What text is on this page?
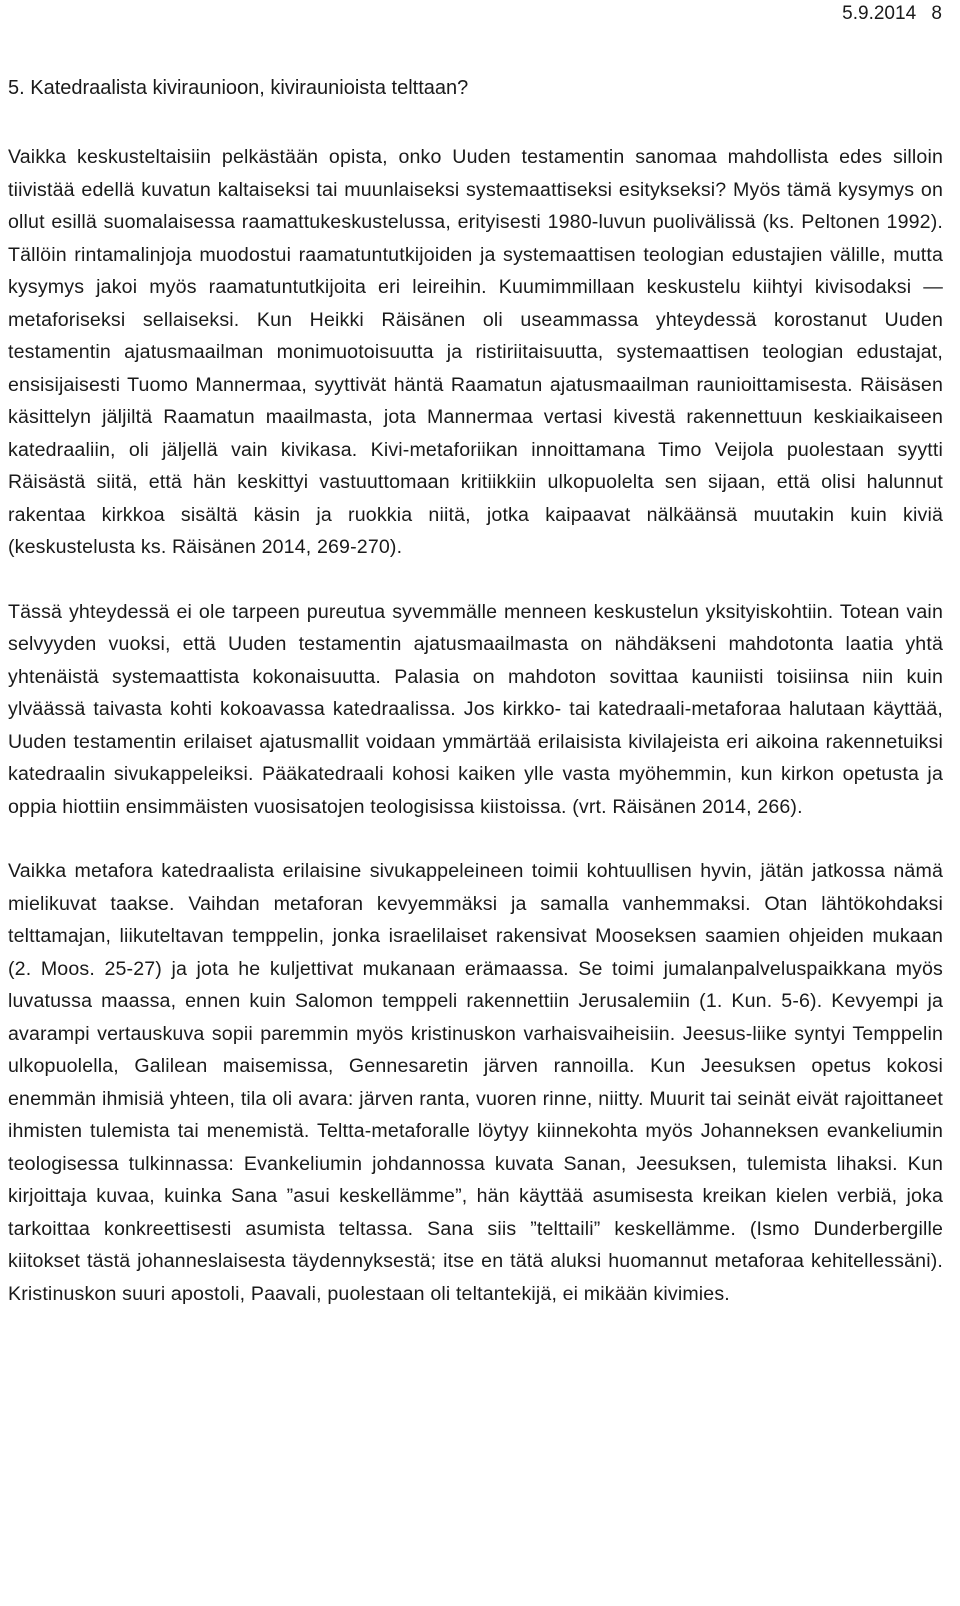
5.9.2014 8
5. Katedraalista kiviraunioon, kiviraunioista telttaan?

Vaikka keskusteltaisiin pelkästään opista, onko Uuden testamentin sanomaa mahdollista edes silloin tiivistää edellä kuvatun kaltaiseksi tai muunlaiseksi systemaattiseksi esitykseksi? Myös tämä kysymys on ollut esillä suomalaisessa raamattukeskustelussa, erityisesti 1980-luvun puolivälissä (ks. Peltonen 1992). Tällöin rintamalinjoja muodostui raamatuntutkijoiden ja systemaattisen teologian edustajien välille, mutta kysymys jakoi myös raamatuntutkijoita eri leireihin. Kuumimmillaan keskustelu kiihtyi kivisodaksi — metaforiseksi sellaiseksi. Kun Heikki Räisänen oli useammassa yhteydessä korostanut Uuden testamentin ajatusmaailman monimuotoisuutta ja ristiriitaisuutta, systemaattisen teologian edustajat, ensisijaisesti Tuomo Mannermaa, syyttivät häntä Raamatun ajatusmaailman raunioittamisesta. Räisäsen käsittelyn jäljiltä Raamatun maailmasta, jota Mannermaa vertasi kivestä rakennettuun keskiaikaiseen katedraaliin, oli jäljellä vain kivikasa. Kivi-metaforiikan innoittamana Timo Veijola puolestaan syytti Räisästä siitä, että hän keskittyi vastuuttomaan kritiikkiin ulkopuolelta sen sijaan, että olisi halunnut rakentaa kirkkoa sisältä käsin ja ruokkia niitä, jotka kaipaavat nälkäänsä muutakin kuin kiviä (keskustelusta ks. Räisänen 2014, 269-270).

Tässä yhteydessä ei ole tarpeen pureutua syvemmälle menneen keskustelun yksityiskohtiin. Totean vain selvyyden vuoksi, että Uuden testamentin ajatusmaailmasta on nähdäkseni mahdotonta laatia yhtä yhtenäistä systemaattista kokonaisuutta. Palasia on mahdoton sovittaa kauniisti toisiinsa niin kuin ylväässä taivasta kohti kokoavassa katedraalissa. Jos kirkko- tai katedraali-metaforaa halutaan käyttää, Uuden testamentin erilaiset ajatusmallit voidaan ymmärtää erilaisista kivilajeista eri aikoina rakennetuiksi katedraalin sivukappeleiksi. Pääkatedraali kohosi kaiken ylle vasta myöhemmin, kun kirkon opetusta ja oppia hiottiin ensimmäisten vuosisatojen teologisissa kiistoissa. (vrt. Räisänen 2014, 266).

Vaikka metafora katedraalista erilaisine sivukappeleineen toimii kohtuullisen hyvin, jätän jatkossa nämä mielikuvat taakse. Vaihdan metaforan kevyemmäksi ja samalla vanhemmaksi. Otan lähtökohdaksi telttamajan, liikuteltavan temppelin, jonka israelilaiset rakensivat Mooseksen saamien ohjeiden mukaan (2. Moos. 25-27) ja jota he kuljettivat mukanaan erämaassa. Se toimi jumalanpalveluspaikkana myös luvatussa maassa, ennen kuin Salomon temppeli rakennettiin Jerusalemiin (1. Kun. 5-6). Kevyempi ja avarampi vertauskuva sopii paremmin myös kristinuskon varhaisvaiheisiin. Jeesus-liike syntyi Temppelin ulkopuolella, Galilean maisemissa, Gennesaretin järven rannoilla. Kun Jeesuksen opetus kokosi enemmän ihmisiä yhteen, tila oli avara: järven ranta, vuoren rinne, niitty. Muurit tai seinät eivät rajoittaneet ihmisten tulemista tai menemistä. Teltta-metaforalle löytyy kiinnekohta myös Johanneksen evankeliumin teologisessa tulkinnassa: Evankeliumin johdannossa kuvata Sanan, Jeesuksen, tulemista lihaksi. Kun kirjoittaja kuvaa, kuinka Sana ”asui keskellämme”, hän käyttää asumisesta kreikan kielen verbiä, joka tarkoittaa konkreettisesti asumista teltassa. Sana siis ”telttaili” keskellämme. (Ismo Dunderbergille kiitokset tästä johanneslaisesta täydennyksestä; itse en tätä aluksi huomannut metaforaa kehitellessäni). Kristinuskon suuri apostoli, Paavali, puolestaan oli teltantekijä, ei mikään kivimies.
